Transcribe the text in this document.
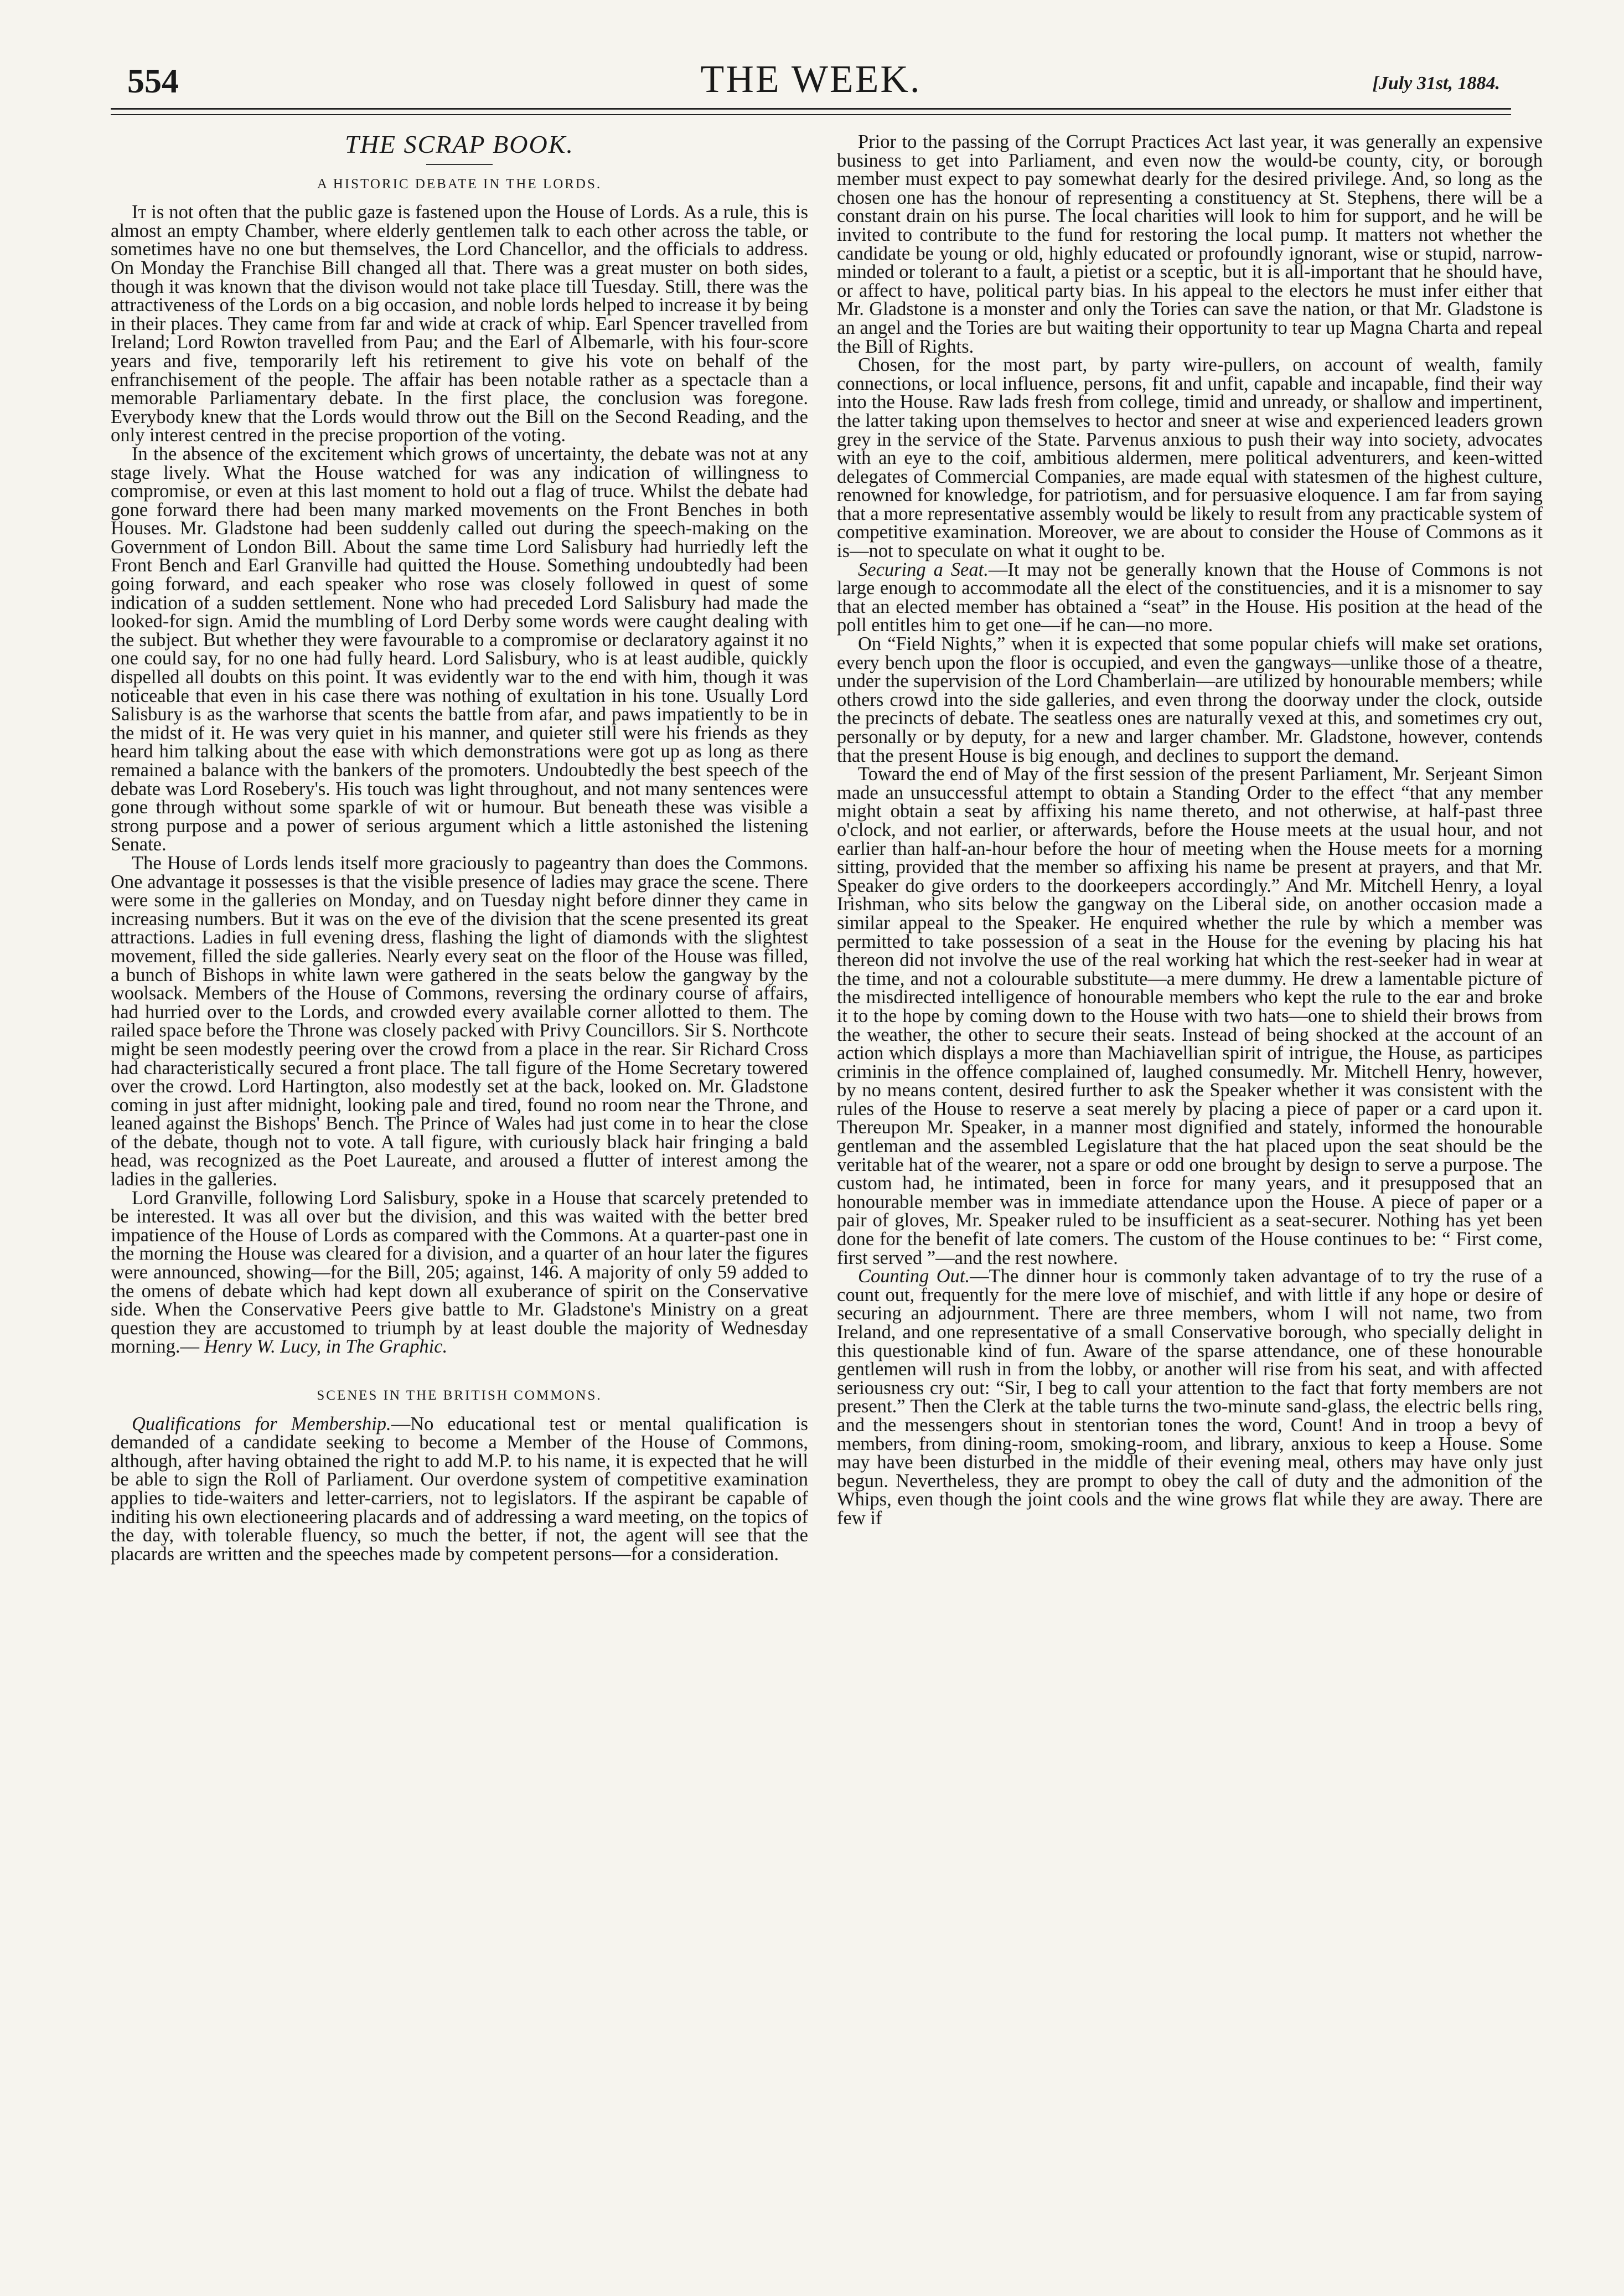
554	THE WEEK.	[July 31st, 1884.
THE SCRAP BOOK.
A HISTORIC DEBATE IN THE LORDS.

It is not often that the public gaze is fastened upon the House of Lords. As a rule, this is almost an empty Chamber, where elderly gentlemen talk to each other across the table, or sometimes have no one but themselves, the Lord Chancellor, and the officials to address. On Monday the Franchise Bill changed all that. There was a great muster on both sides, though it was known that the divison would not take place till Tuesday. Still, there was the attractiveness of the Lords on a big occasion, and noble lords helped to increase it by being in their places. They came from far and wide at crack of whip. Earl Spencer travelled from Ireland; Lord Rowton travelled from Pau; and the Earl of Albemarle, with his four-score years and five, temporarily left his retirement to give his vote on behalf of the enfranchisement of the people. The affair has been notable rather as a spectacle than a memorable Parliamentary debate. In the first place, the conclusion was foregone. Everybody knew that the Lords would throw out the Bill on the Second Reading, and the only interest centred in the precise proportion of the voting.

In the absence of the excitement which grows of uncertainty, the debate was not at any stage lively. What the House watched for was any indication of willingness to compromise, or even at this last moment to hold out a flag of truce. Whilst the debate had gone forward there had been many marked movements on the Front Benches in both Houses. Mr. Gladstone had been suddenly called out during the speech-making on the Government of London Bill. About the same time Lord Salisbury had hurriedly left the Front Bench and Earl Granville had quitted the House. Something undoubtedly had been going forward, and each speaker who rose was closely followed in quest of some indication of a sudden settlement. None who had preceded Lord Salisbury had made the looked-for sign. Amid the mumbling of Lord Derby some words were caught dealing with the subject. But whether they were favourable to a compromise or declaratory against it no one could say, for no one had fully heard. Lord Salisbury, who is at least audible, quickly dispelled all doubts on this point. It was evidently war to the end with him, though it was noticeable that even in his case there was nothing of exultation in his tone. Usually Lord Salisbury is as the warhorse that scents the battle from afar, and paws impatiently to be in the midst of it. He was very quiet in his manner, and quieter still were his friends as they heard him talking about the ease with which demonstrations were got up as long as there remained a balance with the bankers of the promoters. Undoubtedly the best speech of the debate was Lord Rosebery's. His touch was light throughout, and not many sentences were gone through without some sparkle of wit or humour. But beneath these was visible a strong purpose and a power of serious argument which a little astonished the listening Senate.

The House of Lords lends itself more graciously to pageantry than does the Commons. One advantage it possesses is that the visible presence of ladies may grace the scene. There were some in the galleries on Monday, and on Tuesday night before dinner they came in increasing numbers. But it was on the eve of the division that the scene presented its great attractions. Ladies in full evening dress, flashing the light of diamonds with the slightest movement, filled the side galleries. Nearly every seat on the floor of the House was filled, a bunch of Bishops in white lawn were gathered in the seats below the gangway by the woolsack. Members of the House of Commons, reversing the ordinary course of affairs, had hurried over to the Lords, and crowded every available corner allotted to them. The railed space before the Throne was closely packed with Privy Councillors. Sir S. Northcote might be seen modestly peering over the crowd from a place in the rear. Sir Richard Cross had characteristically secured a front place. The tall figure of the Home Secretary towered over the crowd. Lord Hartington, also modestly set at the back, looked on. Mr. Gladstone coming in just after midnight, looking pale and tired, found no room near the Throne, and leaned against the Bishops' Bench. The Prince of Wales had just come in to hear the close of the debate, though not to vote. A tall figure, with curiously black hair fringing a bald head, was recognized as the Poet Laureate, and aroused a flutter of interest among the ladies in the galleries.

Lord Granville, following Lord Salisbury, spoke in a House that scarcely pretended to be interested. It was all over but the division, and this was waited with the better bred impatience of the House of Lords as compared with the Commons. At a quarter-past one in the morning the House was cleared for a division, and a quarter of an hour later the figures were announced, showing—for the Bill, 205; against, 146. A majority of only 59 added to the omens of debate which had kept down all exuberance of spirit on the Conservative side. When the Conservative Peers give battle to Mr. Gladstone's Ministry on a great question they are accustomed to triumph by at least double the majority of Wednesday morning.— Henry W. Lucy, in The Graphic.

SCENES IN THE BRITISH COMMONS.

Qualifications for Membership.—No educational test or mental qualification is demanded of a candidate seeking to become a Member of the House of Commons, although, after having obtained the right to add M.P. to his name, it is expected that he will be able to sign the Roll of Parliament. Our overdone system of competitive examination applies to tide-waiters and letter-carriers, not to legislators. If the aspirant be capable of inditing his own electioneering placards and of addressing a ward meeting, on the topics of the day, with tolerable fluency, so much the better, if not, the agent will see that the placards are written and the speeches made by competent persons—for a consideration.

Prior to the passing of the Corrupt Practices Act last year, it was generally an expensive business to get into Parliament, and even now the would-be county, city, or borough member must expect to pay somewhat dearly for the desired privilege. And, so long as the chosen one has the honour of representing a constituency at St. Stephens, there will be a constant drain on his purse. The local charities will look to him for support, and he will be invited to contribute to the fund for restoring the local pump. It matters not whether the candidate be young or old, highly educated or profoundly ignorant, wise or stupid, narrow-minded or tolerant to a fault, a pietist or a sceptic, but it is all-important that he should have, or affect to have, political party bias. In his appeal to the electors he must infer either that Mr. Gladstone is a monster and only the Tories can save the nation, or that Mr. Gladstone is an angel and the Tories are but waiting their opportunity to tear up Magna Charta and repeal the Bill of Rights.

Chosen, for the most part, by party wire-pullers, on account of wealth, family connections, or local influence, persons, fit and unfit, capable and incapable, find their way into the House. Raw lads fresh from college, timid and unready, or shallow and impertinent, the latter taking upon themselves to hector and sneer at wise and experienced leaders grown grey in the service of the State. Parvenus anxious to push their way into society, advocates with an eye to the coif, ambitious aldermen, mere political adventurers, and keen-witted delegates of Commercial Companies, are made equal with statesmen of the highest culture, renowned for knowledge, for patriotism, and for persuasive eloquence. I am far from saying that a more representative assembly would be likely to result from any practicable system of competitive examination. Moreover, we are about to consider the House of Commons as it is—not to speculate on what it ought to be.

Securing a Seat.—It may not be generally known that the House of Commons is not large enough to accommodate all the elect of the constituencies, and it is a misnomer to say that an elected member has obtained a “seat” in the House. His position at the head of the poll entitles him to get one—if he can—no more.

On “Field Nights,” when it is expected that some popular chiefs will make set orations, every bench upon the floor is occupied, and even the gangways—unlike those of a theatre, under the supervision of the Lord Chamberlain—are utilized by honourable members; while others crowd into the side galleries, and even throng the doorway under the clock, outside the precincts of debate. The seatless ones are naturally vexed at this, and sometimes cry out, personally or by deputy, for a new and larger chamber. Mr. Gladstone, however, contends that the present House is big enough, and declines to support the demand.

Toward the end of May of the first session of the present Parliament, Mr. Serjeant Simon made an unsuccessful attempt to obtain a Standing Order to the effect “that any member might obtain a seat by affixing his name thereto, and not otherwise, at half-past three o'clock, and not earlier, or afterwards, before the House meets at the usual hour, and not earlier than half-an-hour before the hour of meeting when the House meets for a morning sitting, provided that the member so affixing his name be present at prayers, and that Mr. Speaker do give orders to the doorkeepers accordingly.” And Mr. Mitchell Henry, a loyal Irishman, who sits below the gangway on the Liberal side, on another occasion made a similar appeal to the Speaker. He enquired whether the rule by which a member was permitted to take possession of a seat in the House for the evening by placing his hat thereon did not involve the use of the real working hat which the rest-seeker had in wear at the time, and not a colourable substitute—a mere dummy. He drew a lamentable picture of the misdirected intelligence of honourable members who kept the rule to the ear and broke it to the hope by coming down to the House with two hats—one to shield their brows from the weather, the other to secure their seats. Instead of being shocked at the account of an action which displays a more than Machiavellian spirit of intrigue, the House, as participes criminis in the offence complained of, laughed consumedly. Mr. Mitchell Henry, however, by no means content, desired further to ask the Speaker whether it was consistent with the rules of the House to reserve a seat merely by placing a piece of paper or a card upon it. Thereupon Mr. Speaker, in a manner most dignified and stately, informed the honourable gentleman and the assembled Legislature that the hat placed upon the seat should be the veritable hat of the wearer, not a spare or odd one brought by design to serve a purpose. The custom had, he intimated, been in force for many years, and it presupposed that an honourable member was in immediate attendance upon the House. A piece of paper or a pair of gloves, Mr. Speaker ruled to be insufficient as a seat-securer. Nothing has yet been done for the benefit of late comers. The custom of the House continues to be: “ First come, first served ”—and the rest nowhere.

Counting Out.—The dinner hour is commonly taken advantage of to try the ruse of a count out, frequently for the mere love of mischief, and with little if any hope or desire of securing an adjournment. There are three members, whom I will not name, two from Ireland, and one representative of a small Conservative borough, who specially delight in this questionable kind of fun. Aware of the sparse attendance, one of these honourable gentlemen will rush in from the lobby, or another will rise from his seat, and with affected seriousness cry out: “Sir, I beg to call your attention to the fact that forty members are not present.” Then the Clerk at the table turns the two-minute sand-glass, the electric bells ring, and the messengers shout in stentorian tones the word, Count! And in troop a bevy of members, from dining-room, smoking-room, and library, anxious to keep a House. Some may have been disturbed in the middle of their evening meal, others may have only just begun. Nevertheless, they are prompt to obey the call of duty and the admonition of the Whips, even though the joint cools and the wine grows flat while they are away. There are few if
